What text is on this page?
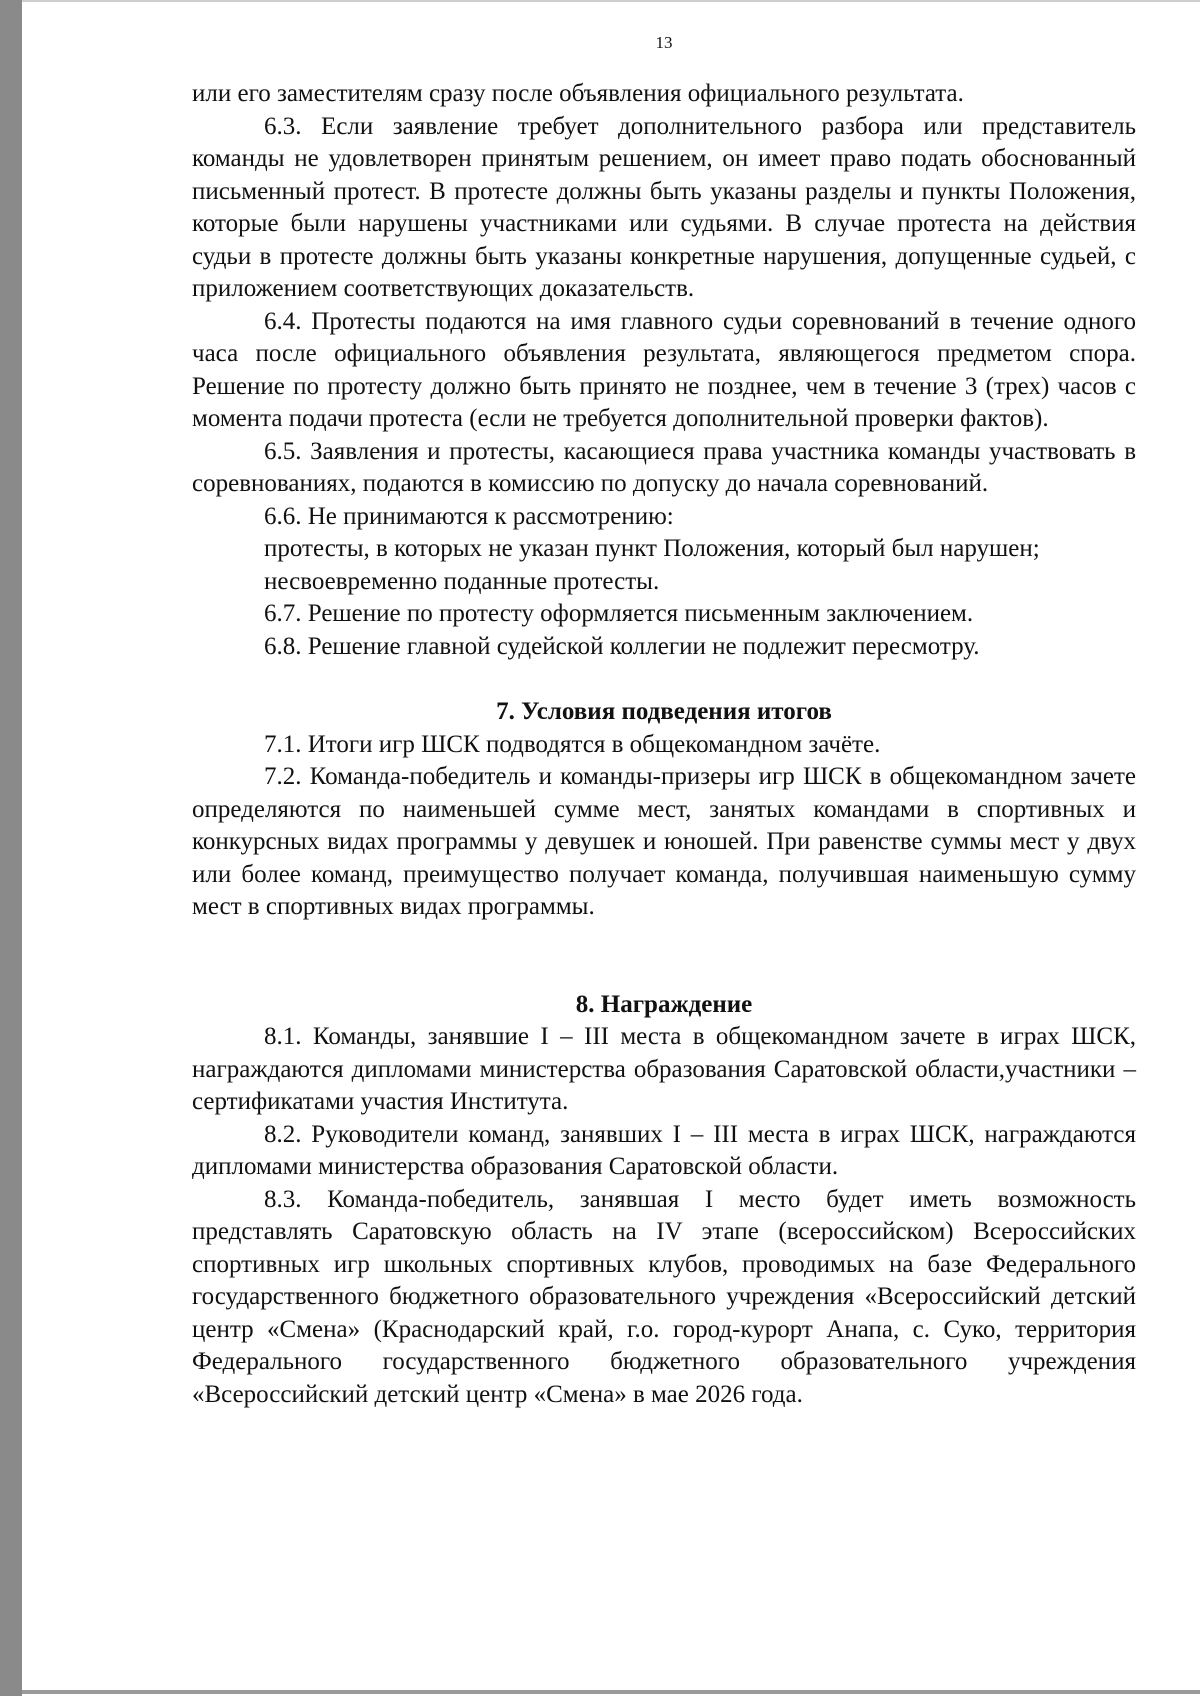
13

или его заместителям сразу после объявления официального результата.

6.3. Если заявление требует дополнительного разбора или представитель команды не удовлетворен принятым решением, он имеет право подать обоснованный письменный протест. В протесте должны быть указаны разделы и пункты Положения, которые были нарушены участниками или судьями. В случае протеста на действия судьи в протесте должны быть указаны конкретные нарушения, допущенные судьей, с приложением соответствующих доказательств.

6.4. Протесты подаются на имя главного судьи соревнований в течение одного часа после официального объявления результата, являющегося предметом спора. Решение по протесту должно быть принято не позднее, чем в течение 3 (трех) часов с момента подачи протеста (если не требуется дополнительной проверки фактов).

6.5. Заявления и протесты, касающиеся права участника команды участвовать в соревнованиях, подаются в комиссию по допуску до начала соревнований.

6.6. Не принимаются к рассмотрению:

протесты, в которых не указан пункт Положения, который был нарушен;

несвоевременно поданные протесты.

6.7. Решение по протесту оформляется письменным заключением.

6.8. Решение главной судейской коллегии не подлежит пересмотру.

7. Условия подведения итогов

7.1. Итоги игр ШСК подводятся в общекомандном зачёте.

7.2. Команда-победитель и команды-призеры игр ШСК в общекомандном зачете определяются по наименьшей сумме мест, занятых командами в спортивных и конкурсных видах программы у девушек и юношей. При равенстве суммы мест у двух или более команд, преимущество получает команда, получившая наименьшую сумму мест в спортивных видах программы.

8. Награждение

8.1. Команды, занявшие I – III места в общекомандном зачете в играх ШСК, награждаются дипломами министерства образования Саратовской области,участники – сертификатами участия Института.

8.2. Руководители команд, занявших I – III места в играх ШСК, награждаются дипломами министерства образования Саратовской области.

8.3. Команда-победитель, занявшая I место будет иметь возможность представлять Саратовскую область на IV этапе (всероссийском) Всероссийских спортивных игр школьных спортивных клубов, проводимых на базе Федерального государственного бюджетного образовательного учреждения «Всероссийский детский центр «Смена» (Краснодарский край, г.о. город-курорт Анапа, с. Суко, территория Федерального государственного бюджетного образовательного учреждения «Всероссийский детский центр «Смена» в мае 2026 года.
